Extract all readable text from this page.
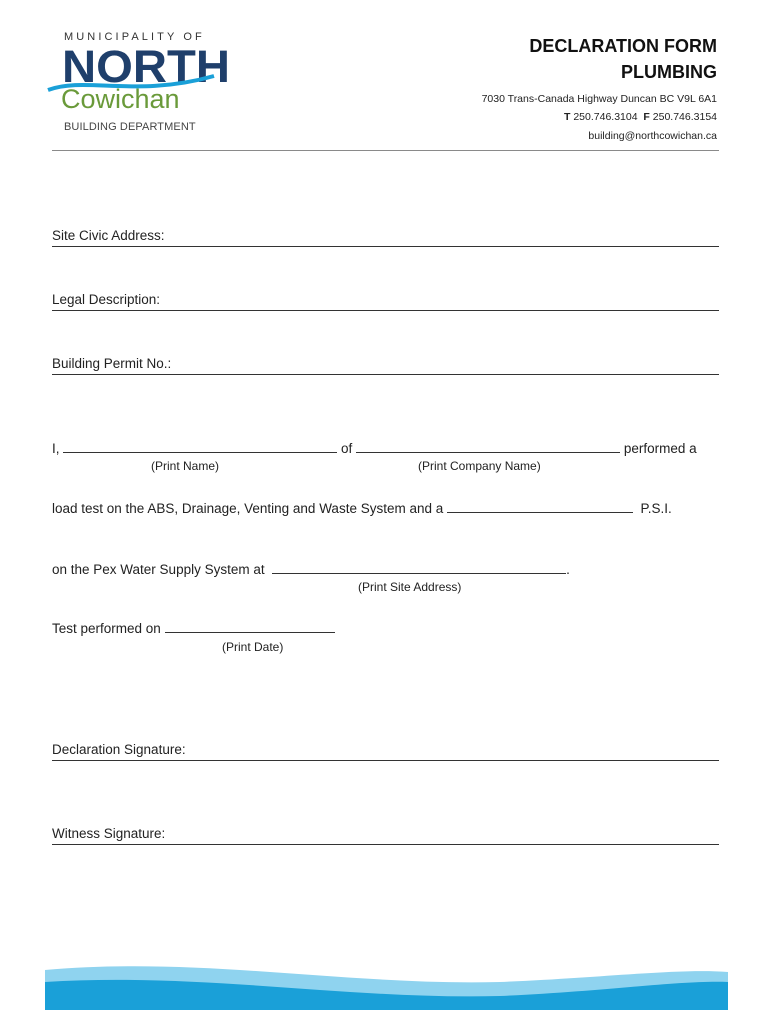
MUNICIPALITY OF
NORTH
Cowichan
BUILDING DEPARTMENT
DECLARATION FORM
PLUMBING
7030 Trans-Canada Highway Duncan BC V9L 6A1
T 250.746.3104 F 250.746.3154
building@northcowichan.ca
Site Civic Address:
Legal Description:
Building Permit No.:
I,	of	performed a
(Print Name)	(Print Company Name)
load test on the ABS, Drainage, Venting and Waste System and a	P.S.I.
on the Pex Water Supply System at	.
(Print Site Address)
Test performed on
(Print Date)
Declaration Signature:
Witness Signature:
